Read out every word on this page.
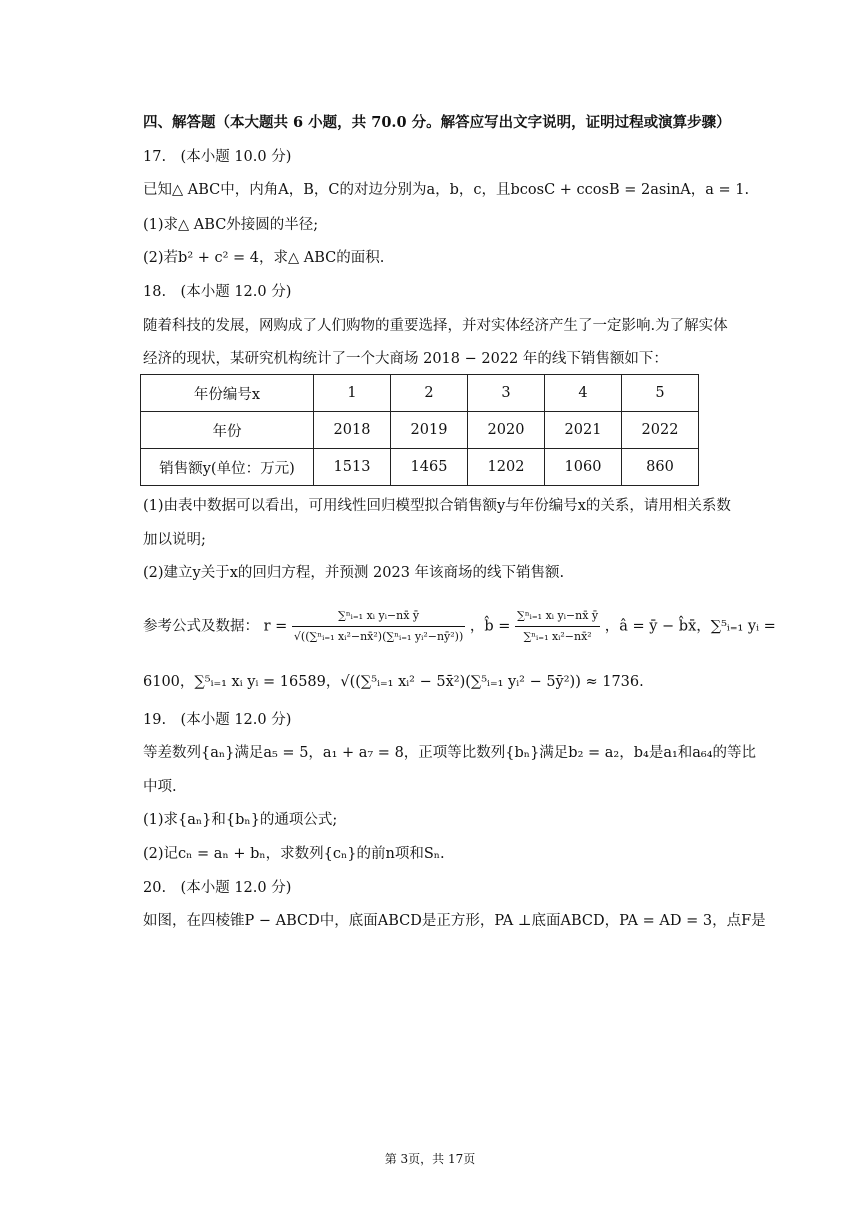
四、解答题（本大题共 6 小题，共 70.0 分。解答应写出文字说明，证明过程或演算步骤）
17.　(本小题 10.0 分)
已知△ ABC中，内角A，B，C的对边分别为a，b，c，且bcosC + ccosB = 2asinA，a = 1.
(1)求△ ABC外接圆的半径;
(2)若b² + c² = 4，求△ ABC的面积.
18.　(本小题 12.0 分)
随着科技的发展，网购成了人们购物的重要选择，并对实体经济产生了一定影响.为了解实体
经济的现状，某研究机构统计了一个大商场 2018 − 2022 年的线下销售额如下：
年份编号x	1	2	3	4	5
年份	2018	2019	2020	2021	2022
销售额y(单位：万元)	1513	1465	1202	1060	860
(1)由表中数据可以看出，可用线性回归模型拟合销售额y与年份编号x的关系，请用相关系数
加以说明;
(2)建立y关于x的回归方程，并预测 2023 年该商场的线下销售额.
参考公式及数据： $r = \frac{\text{∑ⁿᵢ₌₁ xᵢ yᵢ−nx̄ ȳ}}{\text{√((∑ⁿᵢ₌₁ xᵢ²−nx̄²)(∑ⁿᵢ₌₁ yᵢ²−nȳ²))}}$ ，b̂ = $\frac{\text{∑ⁿᵢ₌₁ xᵢ yᵢ−nx̄ ȳ}}{\text{∑ⁿᵢ₌₁ xᵢ²−nx̄²}}$ ，â = ȳ − b̂x̄，∑⁵ᵢ₌₁ yᵢ =
6100，∑⁵ᵢ₌₁ xᵢ yᵢ = 16589，√((∑⁵ᵢ₌₁ xᵢ² − 5x̄²)(∑⁵ᵢ₌₁ yᵢ² − 5ȳ²)) ≈ 1736.
19.　(本小题 12.0 分)
等差数列{aₙ}满足a₅ = 5，a₁ + a₇ = 8，正项等比数列{bₙ}满足b₂ = a₂，b₄是a₁和a₆₄的等比
中项.
(1)求{aₙ}和{bₙ}的通项公式;
(2)记cₙ = aₙ + bₙ，求数列{cₙ}的前n项和Sₙ.
20.　(本小题 12.0 分)
如图，在四棱锥P − ABCD中，底面ABCD是正方形，PA ⊥底面ABCD，PA = AD = 3，点F是
第 3页，共 17页
